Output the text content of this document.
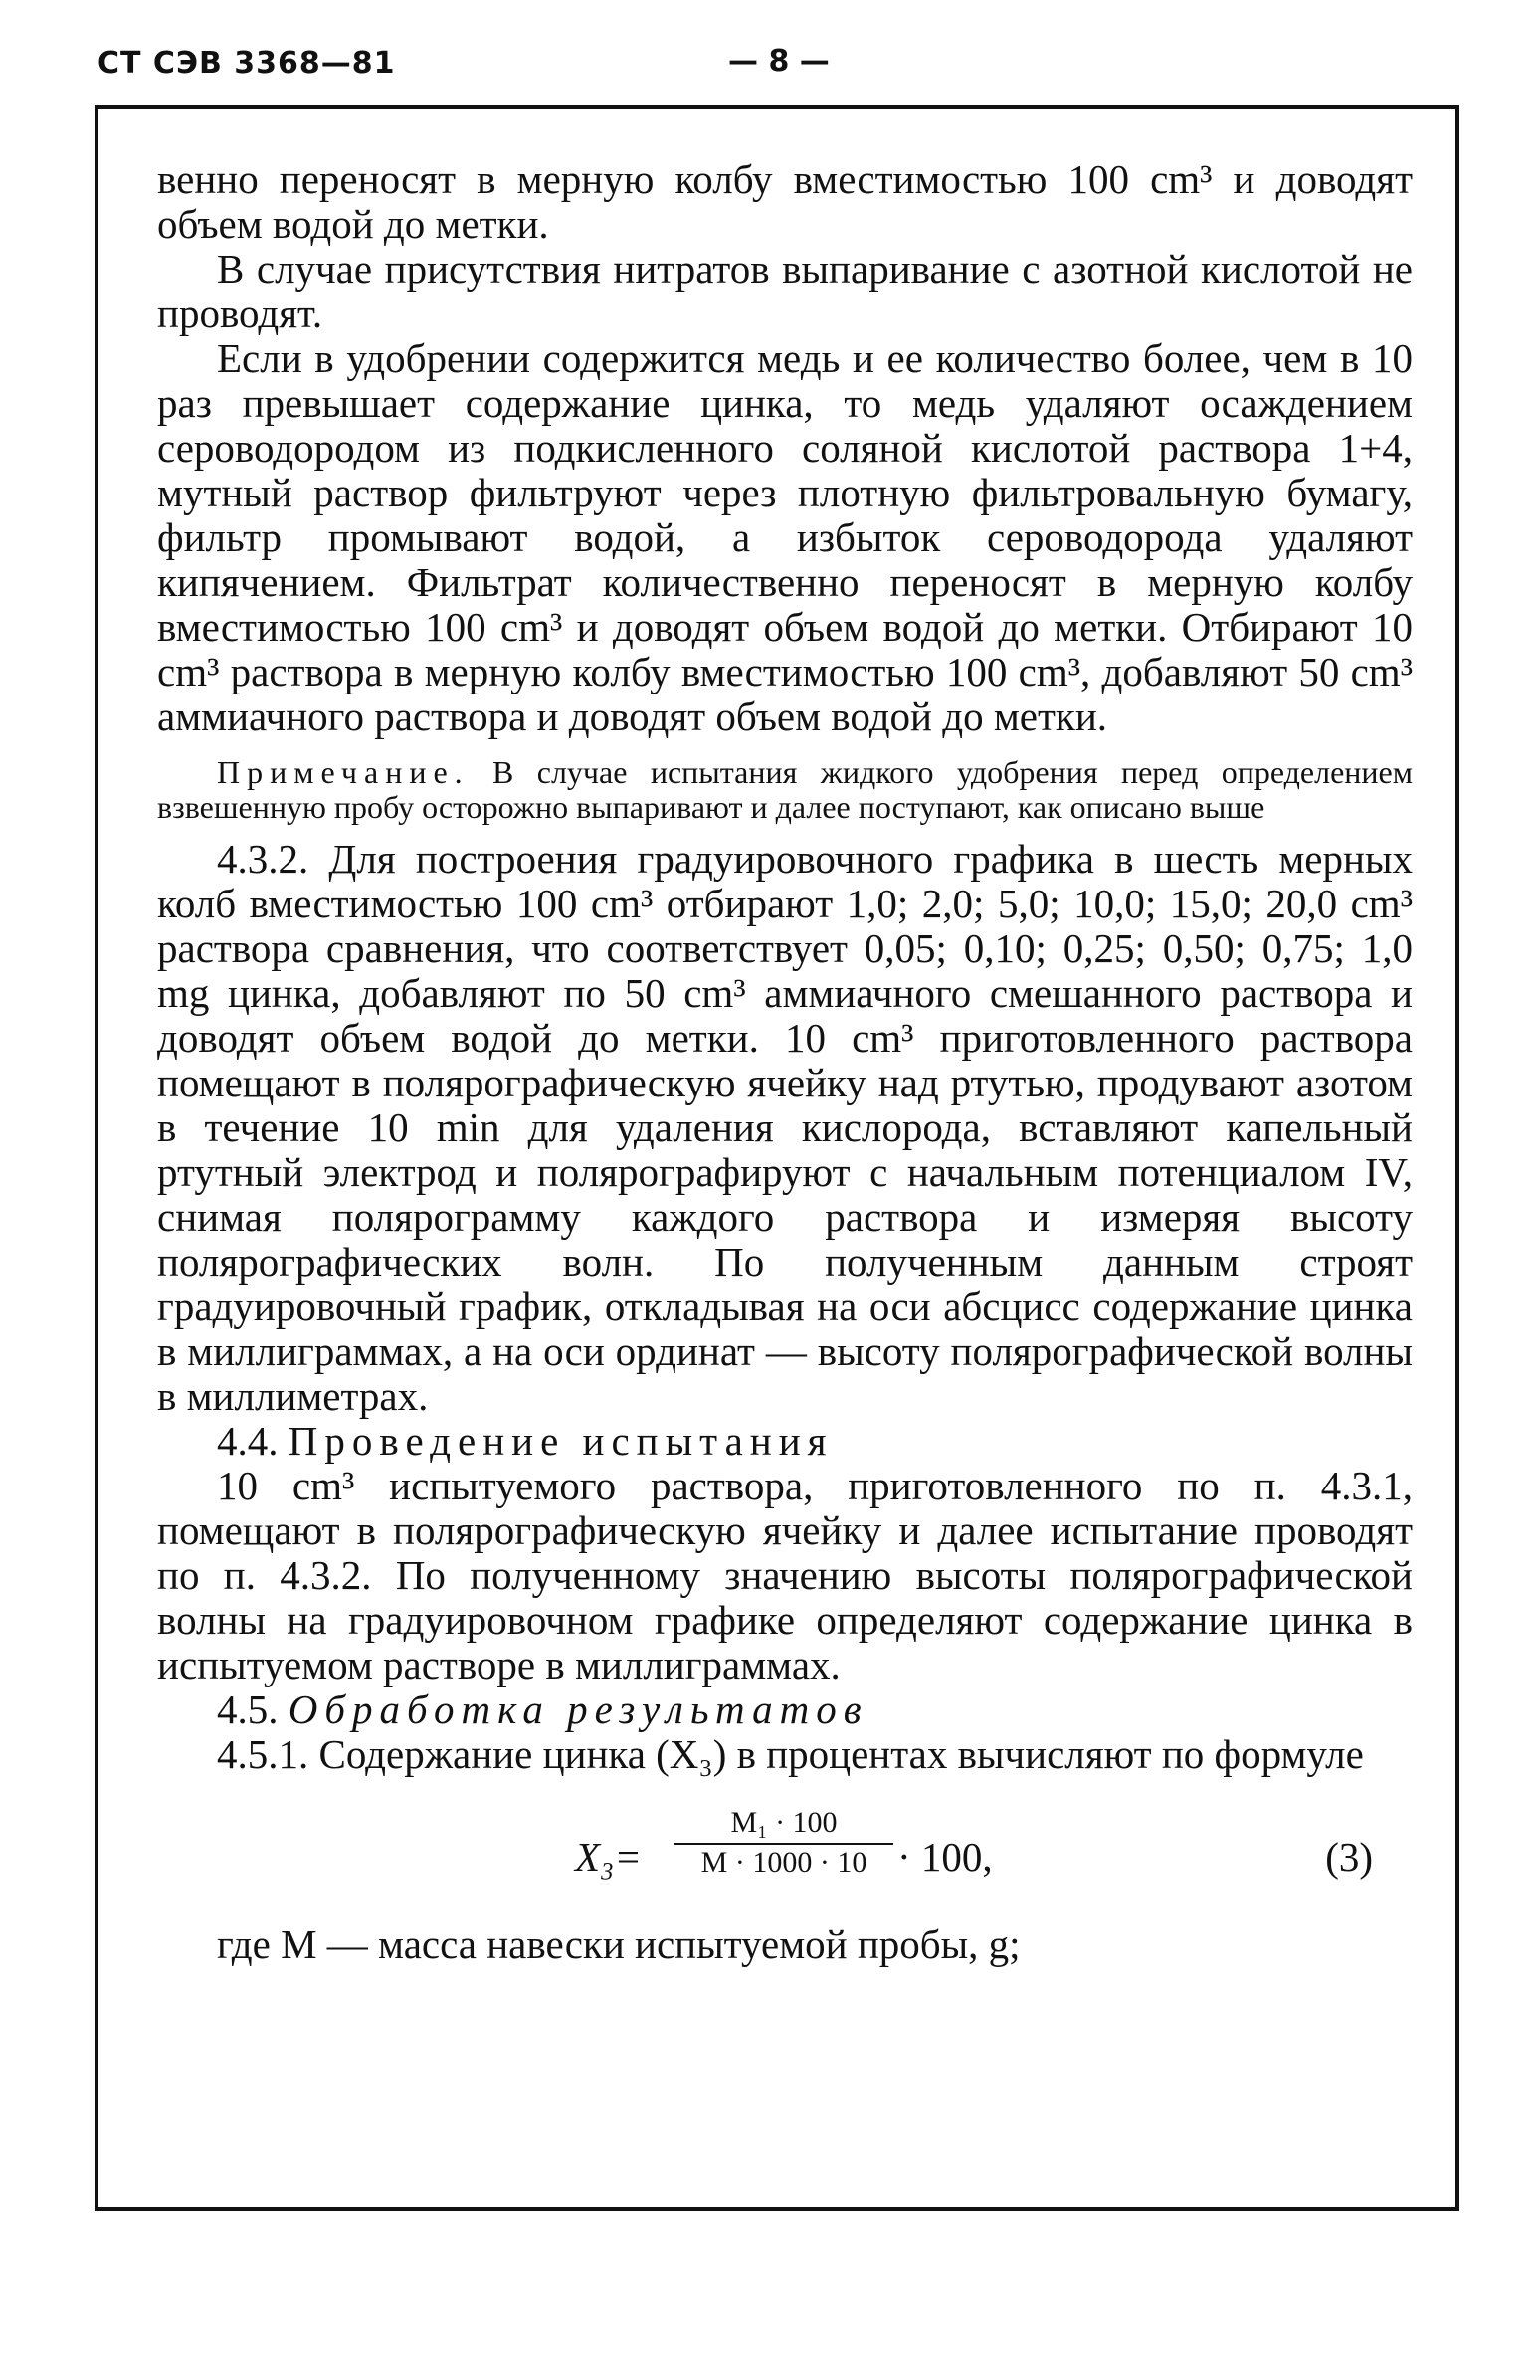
СТ СЭВ 3368—81	— 8 —

венно переносят в мерную колбу вместимостью 100 cm³ и доводят объем водой до метки.

В случае присутствия нитратов выпаривание с азотной кислотой не проводят.

Если в удобрении содержится медь и ее количество более, чем в 10 раз превышает содержание цинка, то медь удаляют осаждением сероводородом из подкисленного соляной кислотой раствора 1+4, мутный раствор фильтруют через плотную фильтровальную бумагу, фильтр промывают водой, а избыток сероводорода удаляют кипячением. Фильтрат количественно переносят в мерную колбу вместимостью 100 cm³ и доводят объем водой до метки. Отбирают 10 cm³ раствора в мерную колбу вместимостью 100 cm³, добавляют 50 cm³ аммиачного раствора и доводят объем водой до метки.

Примечание. В случае испытания жидкого удобрения перед определением взвешенную пробу осторожно выпаривают и далее поступают, как описано выше

4.3.2. Для построения градуировочного графика в шесть мерных колб вместимостью 100 cm³ отбирают 1,0; 2,0; 5,0; 10,0; 15,0; 20,0 cm³ раствора сравнения, что соответствует 0,05; 0,10; 0,25; 0,50; 0,75; 1,0 mg цинка, добавляют по 50 cm³ аммиачного смешанного раствора и доводят объем водой до метки. 10 cm³ приготовленного раствора помещают в полярографическую ячейку над ртутью, продувают азотом в течение 10 min для удаления кислорода, вставляют капельный ртутный электрод и полярографируют с начальным потенциалом IV, снимая полярограмму каждого раствора и измеряя высоту полярографических волн. По полученным данным строят градуировочный график, откладывая на оси абсцисс содержание цинка в миллиграммах, а на оси ординат — высоту полярографической волны в миллиметрах.

4.4. Проведение испытания

10 cm³ испытуемого раствора, приготовленного по п. 4.3.1, помещают в полярографическую ячейку и далее испытание проводят по п. 4.3.2. По полученному значению высоты полярографической волны на градуировочном графике определяют содержание цинка в испытуемом растворе в миллиграммах.

4.5. Обработка результатов

4.5.1. Содержание цинка (X₃) в процентах вычисляют по формуле

$X_3= \frac{\text{M₁ · 100}}{M \cdot 1000 \cdot 10} \cdot 100$,	(3)

где M — масса навески испытуемой пробы, g;
